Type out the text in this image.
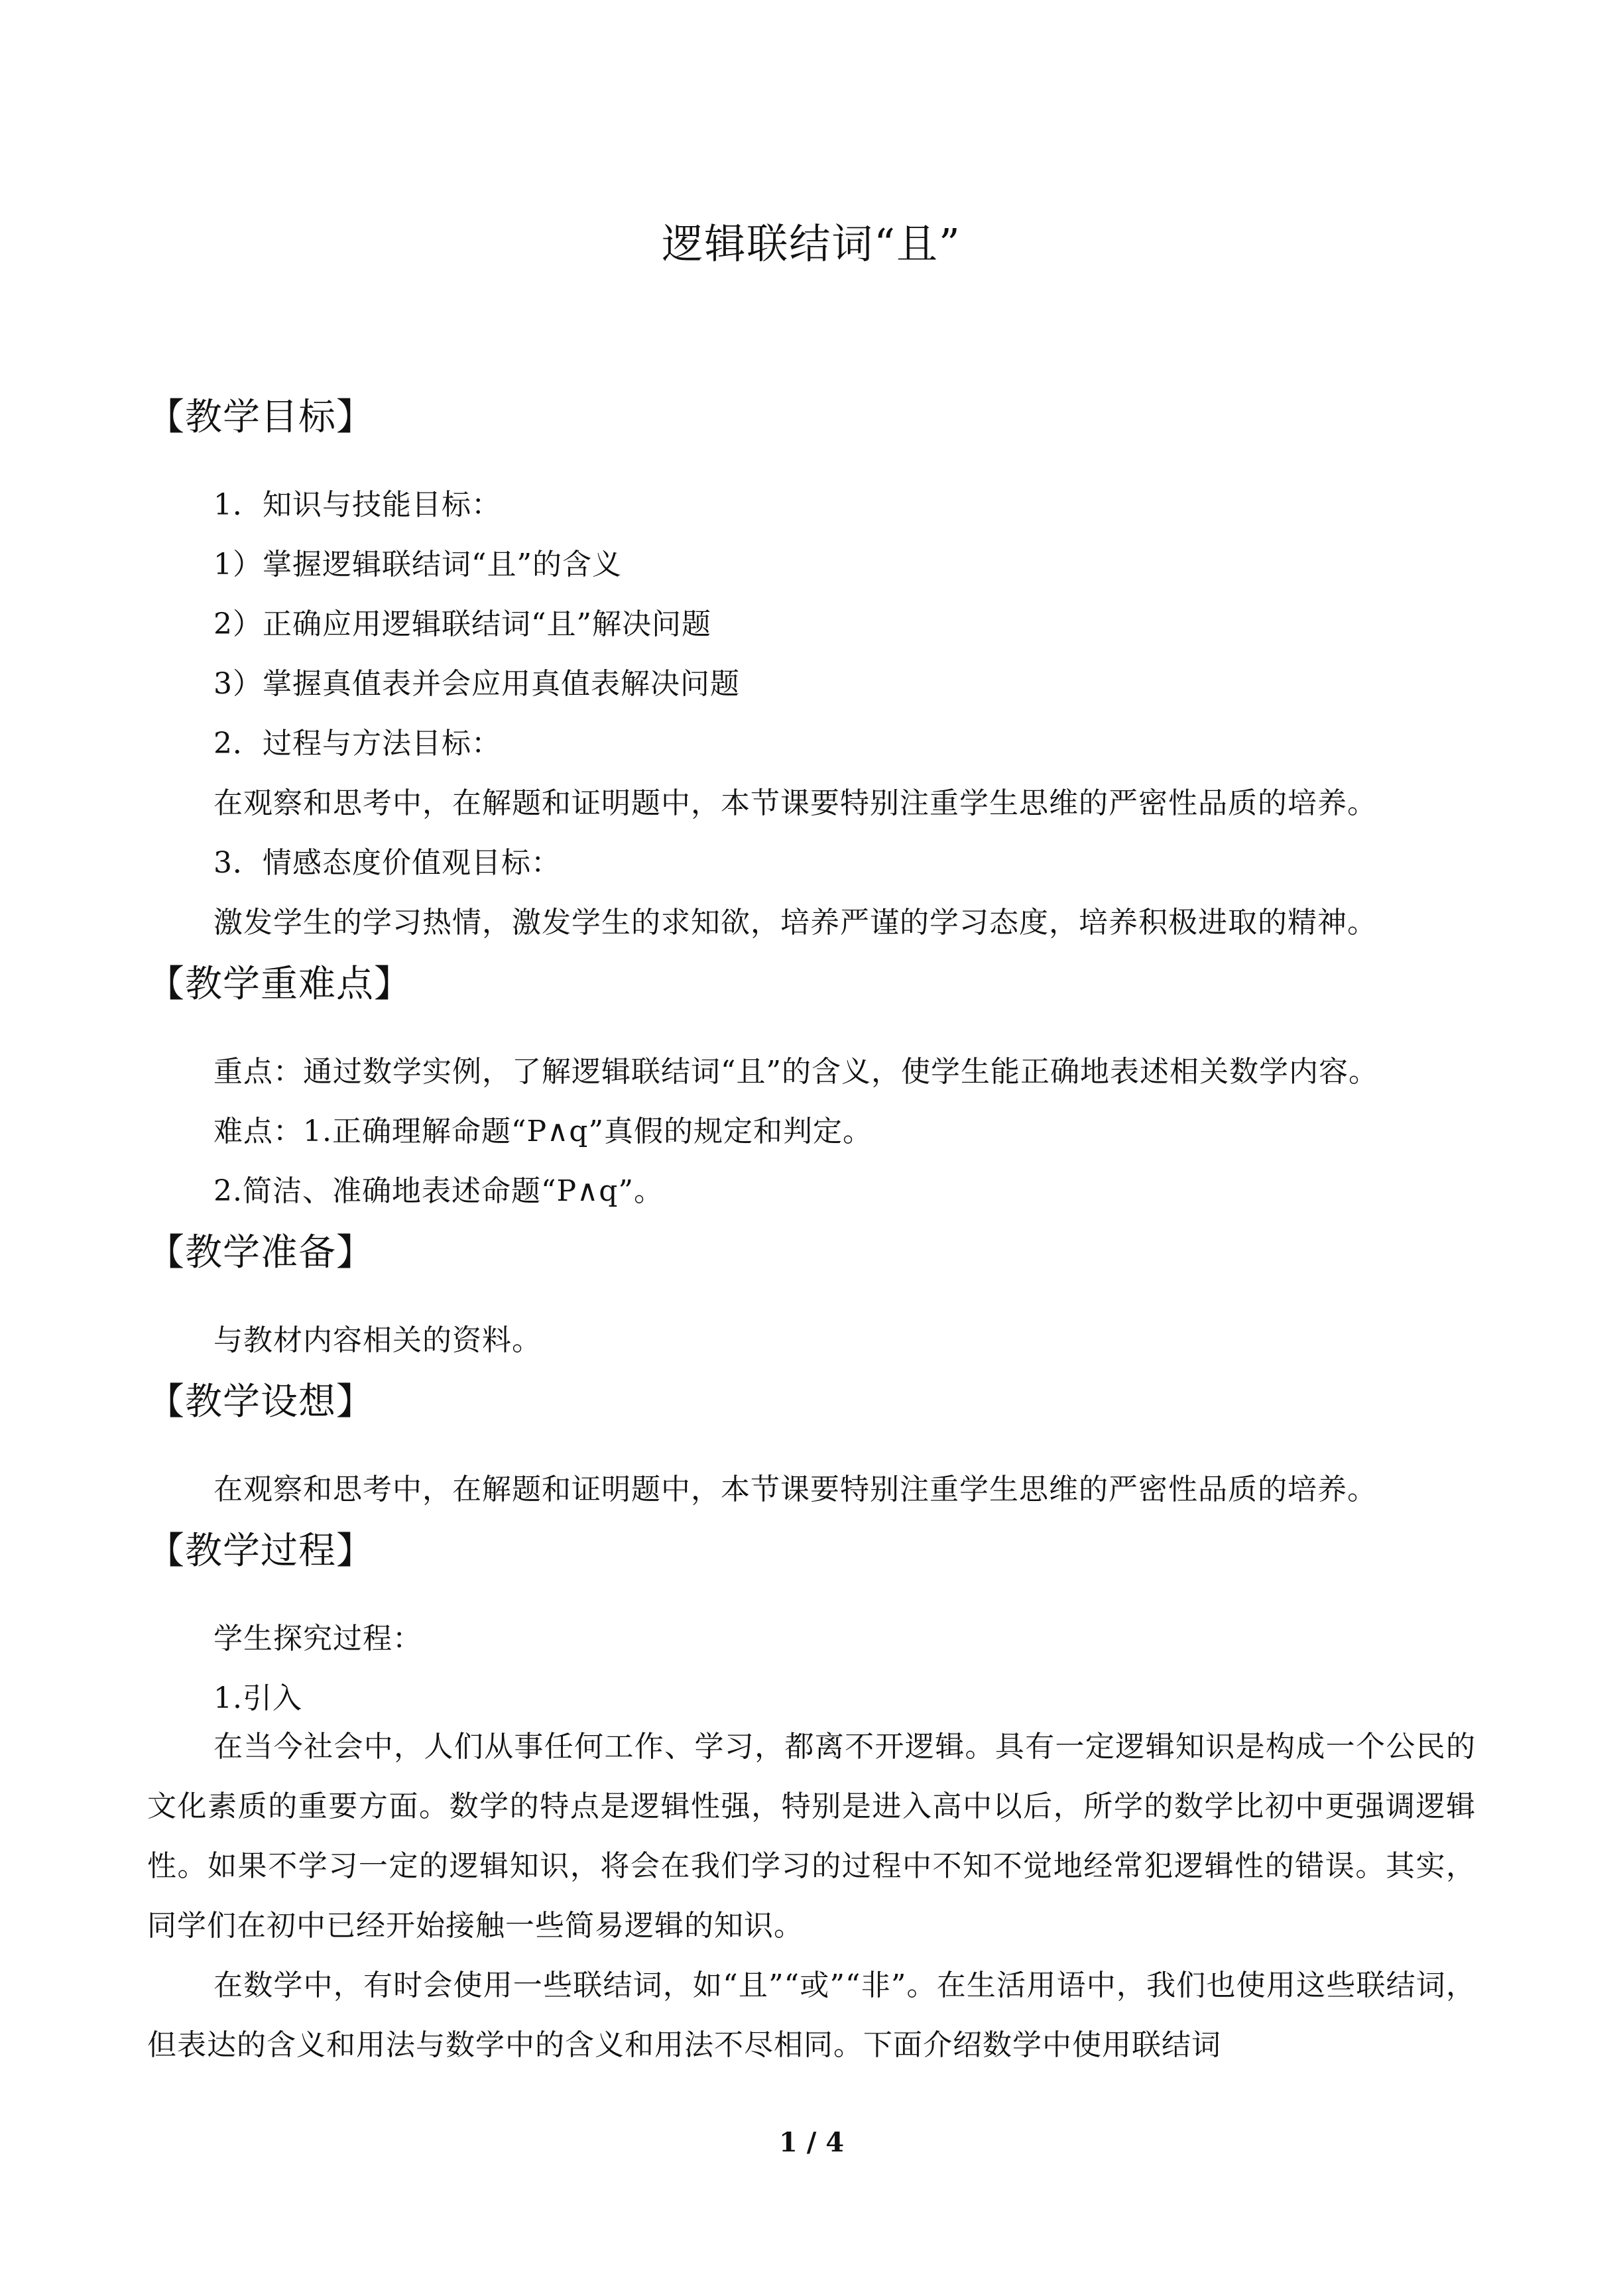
逻辑联结词“且”
【教学目标】
1．知识与技能目标：
1）掌握逻辑联结词“且”的含义
2）正确应用逻辑联结词“且”解决问题
3）掌握真值表并会应用真值表解决问题
2．过程与方法目标：
在观察和思考中，在解题和证明题中，本节课要特别注重学生思维的严密性品质的培养。
3．情感态度价值观目标：
激发学生的学习热情，激发学生的求知欲，培养严谨的学习态度，培养积极进取的精神。
【教学重难点】
重点：通过数学实例，了解逻辑联结词“且”的含义，使学生能正确地表述相关数学内容。
难点：1.正确理解命题“P∧q”真假的规定和判定。
2.简洁、准确地表述命题“P∧q”。
【教学准备】
与教材内容相关的资料。
【教学设想】
在观察和思考中，在解题和证明题中，本节课要特别注重学生思维的严密性品质的培养。
【教学过程】
学生探究过程：
1.引入
在当今社会中，人们从事任何工作、学习，都离不开逻辑。具有一定逻辑知识是构成一个公民的文化素质的重要方面。数学的特点是逻辑性强，特别是进入高中以后，所学的数学比初中更强调逻辑性。如果不学习一定的逻辑知识，将会在我们学习的过程中不知不觉地经常犯逻辑性的错误。其实，同学们在初中已经开始接触一些简易逻辑的知识。
在数学中，有时会使用一些联结词，如“且”“或”“非”。在生活用语中，我们也使用这些联结词，但表达的含义和用法与数学中的含义和用法不尽相同。下面介绍数学中使用联结词
1 / 4
